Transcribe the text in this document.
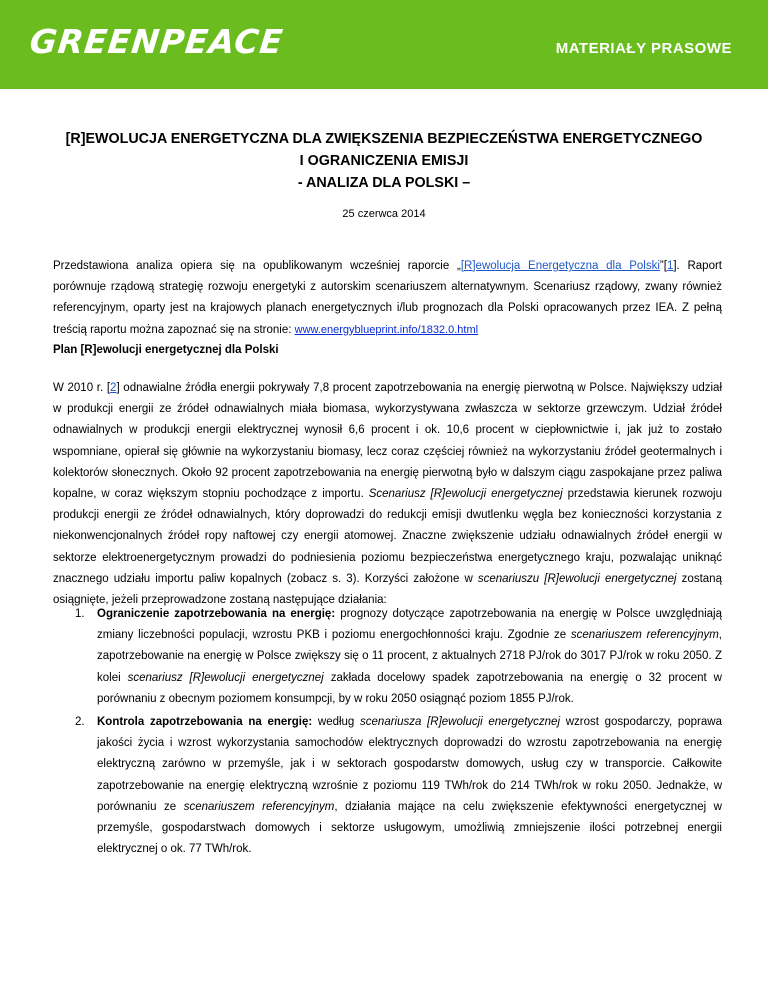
GREENPEACE	MATERIAŁY PRASOWE
[R]EWOLUCJA ENERGETYCZNA DLA ZWIĘKSZENIA BEZPIECZEŃSTWA ENERGETYCZNEGO
I OGRANICZENIA EMISJI
- ANALIZA DLA POLSKI –
25 czerwca 2014
Przedstawiona analiza opiera się na opublikowanym wcześniej raporcie „[R]ewolucja Energetyczna dla Polski”[1]. Raport porównuje rządową strategię rozwoju energetyki z autorskim scenariuszem alternatywnym. Scenariusz rządowy, zwany również referencyjnym, oparty jest na krajowych planach energetycznych i/lub prognozach dla Polski opracowanych przez IEA. Z pełną treścią raportu można zapoznać się na stronie: www.energyblueprint.info/1832.0.html
Plan [R]ewolucji energetycznej dla Polski
W 2010 r. [2] odnawialne źródła energii pokrywały 7,8 procent zapotrzebowania na energię pierwotną w Polsce. Największy udział w produkcji energii ze źródeł odnawialnych miała biomasa, wykorzystywana zwłaszcza w sektorze grzewczym. Udział źródeł odnawialnych w produkcji energii elektrycznej wynosił 6,6 procent i ok. 10,6 procent w ciepłownictwie i, jak już to zostało wspomniane, opierał się głównie na wykorzystaniu biomasy, lecz coraz częściej również na wykorzystaniu źródeł geotermalnych i kolektorów słonecznych. Około 92 procent zapotrzebowania na energię pierwotną było w dalszym ciągu zaspokajane przez paliwa kopalne, w coraz większym stopniu pochodzące z importu. Scenariusz [R]ewolucji energetycznej przedstawia kierunek rozwoju produkcji energii ze źródeł odnawialnych, który doprowadzi do redukcji emisji dwutlenku węgla bez konieczności korzystania z niekonwencjonalnych źródeł ropy naftowej czy energii atomowej. Znaczne zwiększenie udziału odnawialnych źródeł energii w sektorze elektroenergetycznym prowadzi do podniesienia poziomu bezpieczeństwa energetycznego kraju, pozwalając uniknąć znacznego udziału importu paliw kopalnych (zobacz s. 3). Korzyści założone w scenariuszu [R]ewolucji energetycznej zostaną osiągnięte, jeżeli przeprowadzone zostaną następujące działania:
1. Ograniczenie zapotrzebowania na energię: prognozy dotyczące zapotrzebowania na energię w Polsce uwzględniają zmiany liczebności populacji, wzrostu PKB i poziomu energochłonności kraju. Zgodnie ze scenariuszem referencyjnym, zapotrzebowanie na energię w Polsce zwiększy się o 11 procent, z aktualnych 2718 PJ/rok do 3017 PJ/rok w roku 2050. Z kolei scenariusz [R]ewolucji energetycznej zakłada docelowy spadek zapotrzebowania na energię o 32 procent w porównaniu z obecnym poziomem konsumpcji, by w roku 2050 osiągnąć poziom 1855 PJ/rok.
2. Kontrola zapotrzebowania na energię: według scenariusza [R]ewolucji energetycznej wzrost gospodarczy, poprawa jakości życia i wzrost wykorzystania samochodów elektrycznych doprowadzi do wzrostu zapotrzebowania na energię elektryczną zarówno w przemyśle, jak i w sektorach gospodarstw domowych, usług czy w transporcie. Całkowite zapotrzebowanie na energię elektryczną wzrośnie z poziomu 119 TWh/rok do 214 TWh/rok w roku 2050. Jednakże, w porównaniu ze scenariuszem referencyjnym, działania mające na celu zwiększenie efektywności energetycznej w przemyśle, gospodarstwach domowych i sektorze usługowym, umożliwią zmniejszenie ilości potrzebnej energii elektrycznej o ok. 77 TWh/rok.
